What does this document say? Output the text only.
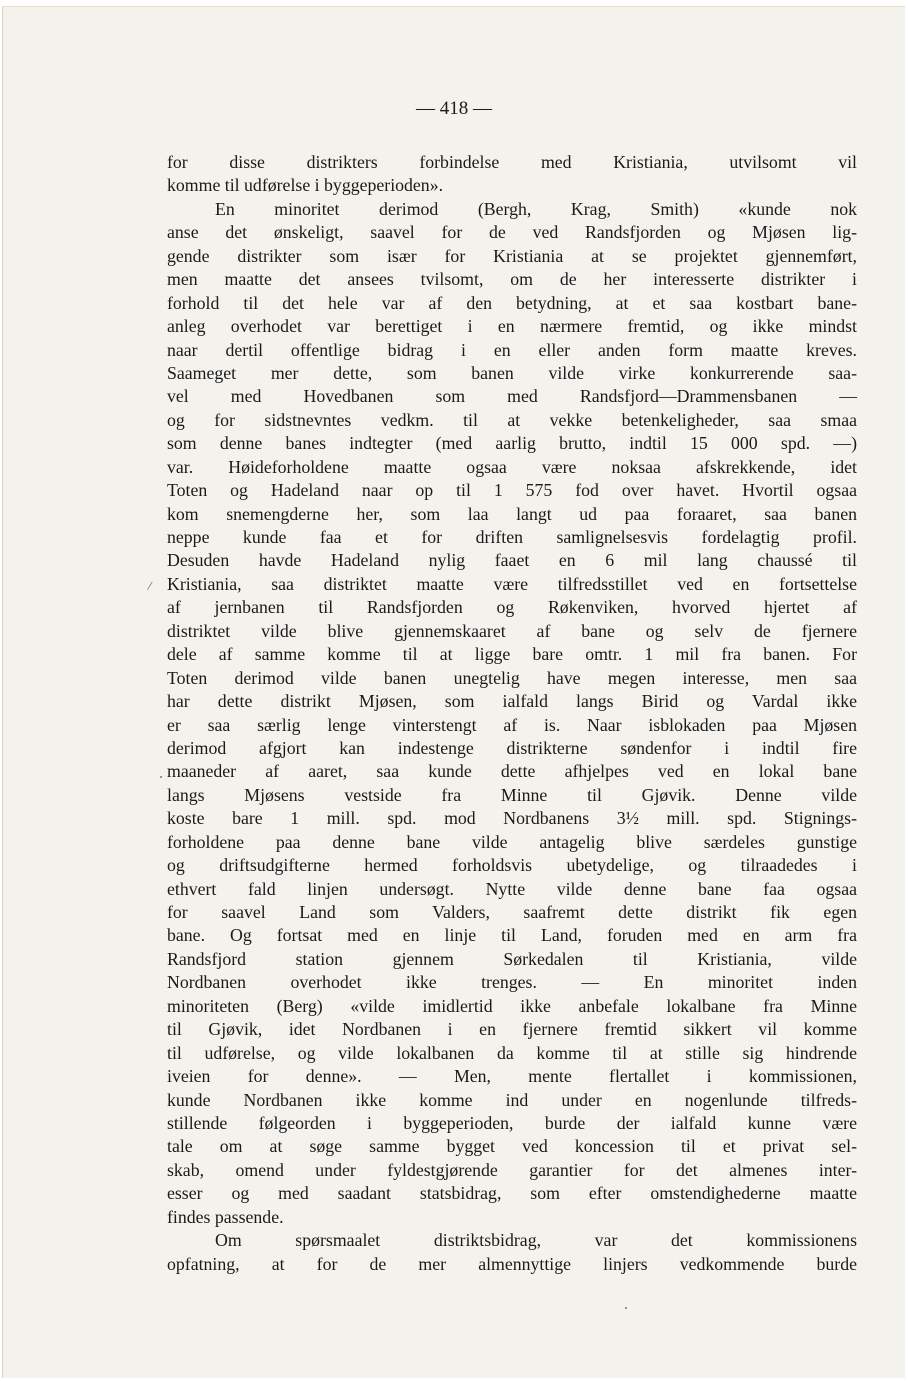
— 418 —
/
for disse distrikters forbindelse med Kristiania, utvilsomt vil
komme til udførelse i byggeperioden».
En minoritet derimod (Bergh, Krag, Smith) «kunde nok
anse det ønskeligt, saavel for de ved Randsfjorden og Mjøsen lig-
gende distrikter som især for Kristiania at se projektet gjennemført,
men maatte det ansees tvilsomt, om de her interesserte distrikter i
forhold til det hele var af den betydning, at et saa kostbart bane-
anleg overhodet var berettiget i en nærmere fremtid, og ikke mindst
naar dertil offentlige bidrag i en eller anden form maatte kreves.
Saameget mer dette, som banen vilde virke konkurrerende saa-
vel med Hovedbanen som med Randsfjord—Drammensbanen —
og for sidstnevntes vedkm. til at vekke betenkeligheder, saa smaa
som denne banes indtegter (med aarlig brutto, indtil 15 000 spd. —)
var. Høideforholdene maatte ogsaa være noksaa afskrekkende, idet
Toten og Hadeland naar op til 1 575 fod over havet. Hvortil ogsaa
kom snemengderne her, som laa langt ud paa foraaret, saa banen
neppe kunde faa et for driften samlignelsesvis fordelagtig profil.
Desuden havde Hadeland nylig faaet en 6 mil lang chaussé til
Kristiania, saa distriktet maatte være tilfredsstillet ved en fortsettelse
af jernbanen til Randsfjorden og Røkenviken, hvorved hjertet af
distriktet vilde blive gjennemskaaret af bane og selv de fjernere
dele af samme komme til at ligge bare omtr. 1 mil fra banen. For
Toten derimod vilde banen unegtelig have megen interesse, men saa
har dette distrikt Mjøsen, som ialfald langs Birid og Vardal ikke
er saa særlig lenge vinterstengt af is. Naar isblokaden paa Mjøsen
derimod afgjort kan indestenge distrikterne søndenfor i indtil fire
maaneder af aaret, saa kunde dette afhjelpes ved en lokal bane
langs Mjøsens vestside fra Minne til Gjøvik. Denne vilde
koste bare 1 mill. spd. mod Nordbanens 3½ mill. spd. Stignings-
forholdene paa denne bane vilde antagelig blive særdeles gunstige
og driftsudgifterne hermed forholdsvis ubetydelige, og tilraadedes i
ethvert fald linjen undersøgt. Nytte vilde denne bane faa ogsaa
for saavel Land som Valders, saafremt dette distrikt fik egen
bane. Og fortsat med en linje til Land, foruden med en arm fra
Randsfjord station gjennem Sørkedalen til Kristiania, vilde
Nordbanen overhodet ikke trenges. — En minoritet inden
minoriteten (Berg) «vilde imidlertid ikke anbefale lokalbane fra Minne
til Gjøvik, idet Nordbanen i en fjernere fremtid sikkert vil komme
til udførelse, og vilde lokalbanen da komme til at stille sig hindrende
iveien for denne». — Men, mente flertallet i kommissionen,
kunde Nordbanen ikke komme ind under en nogenlunde tilfreds-
stillende følgeorden i byggeperioden, burde der ialfald kunne være
tale om at søge samme bygget ved koncession til et privat sel-
skab, omend under fyldestgjørende garantier for det almenes inter-
esser og med saadant statsbidrag, som efter omstendighederne maatte
findes passende.
Om spørsmaalet distriktsbidrag, var det kommissionens
opfatning, at for de mer almennyttige linjers vedkommende burde
